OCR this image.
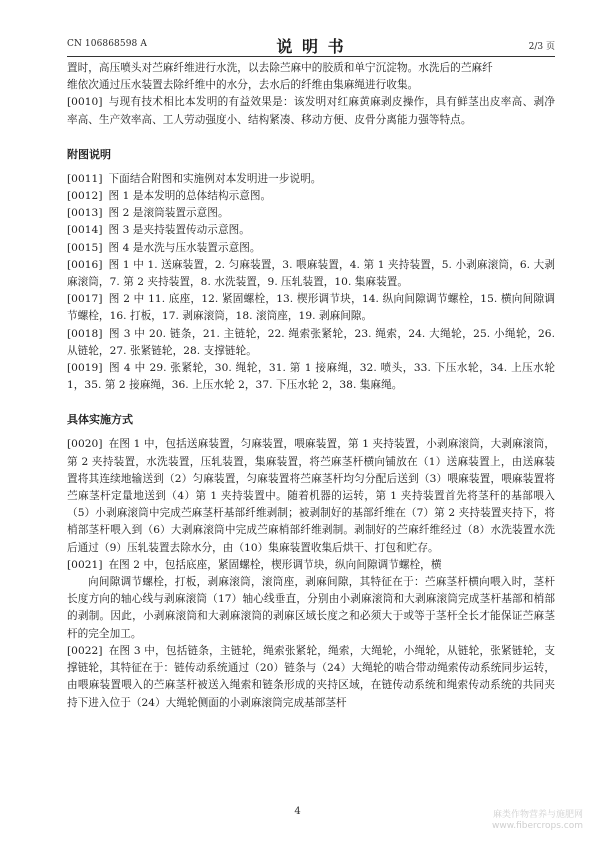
CN 106868598 A	说 明 书	2/3 页

置时，高压喷头对苎麻纤维进行水洗，以去除苎麻中的胶质和单宁沉淀物。水洗后的苎麻纤

维依次通过压水装置去除纤维中的水分，去水后的纤维由集麻绳进行收集。

[0010] 与现有技术相比本发明的有益效果是：该发明对红麻黄麻剥皮操作，具有鲜茎出皮率高、剥净率高、生产效率高、工人劳动强度小、结构紧凑、移动方便、皮骨分离能力强等特点。

附图说明

[0011] 下面结合附图和实施例对本发明进一步说明。

[0012] 图 1 是本发明的总体结构示意图。

[0013] 图 2 是滚筒装置示意图。

[0014] 图 3 是夹持装置传动示意图。

[0015] 图 4 是水洗与压水装置示意图。

[0016] 图 1 中 1. 送麻装置，2. 匀麻装置，3. 喂麻装置，4. 第 1 夹持装置，5. 小剥麻滚筒，6. 大剥麻滚筒，7. 第 2 夹持装置，8. 水洗装置，9. 压轧装置，10. 集麻装置。

[0017] 图 2 中 11. 底座，12. 紧固螺栓，13. 楔形调节块，14. 纵向间隙调节螺栓，15. 横向间隙调节螺栓，16. 打板，17. 剥麻滚筒，18. 滚筒座，19. 剥麻间隙。

[0018] 图 3 中 20. 链条，21. 主链轮，22. 绳索张紧轮，23. 绳索，24. 大绳轮，25. 小绳轮，26. 从链轮，27. 张紧链轮，28. 支撑链轮。

[0019] 图 4 中 29. 张紧轮，30. 绳轮，31. 第 1 接麻绳，32. 喷头，33. 下压水轮，34. 上压水轮 1，35. 第 2 接麻绳，36. 上压水轮 2，37. 下压水轮 2，38. 集麻绳。

具体实施方式

[0020] 在图 1 中，包括送麻装置，匀麻装置，喂麻装置，第 1 夹持装置，小剥麻滚筒，大剥麻滚筒，第 2 夹持装置，水洗装置，压轧装置，集麻装置，将苎麻茎杆横向铺放在（1）送麻装置上，由送麻装置将其连续地输送到（2）匀麻装置，匀麻装置将苎麻茎杆均匀分配后送到（3）喂麻装置，喂麻装置将苎麻茎杆定量地送到（4）第 1 夹持装置中。随着机器的运转，第 1 夹持装置首先将茎秆的基部喂入（5）小剥麻滚筒中完成苎麻茎杆基部纤维剥制；被剥制好的基部纤维在（7）第 2 夹持装置夹持下，将梢部茎杆喂入到（6）大剥麻滚筒中完成苎麻梢部纤维剥制。剥制好的苎麻纤维经过（8）水洗装置水洗后通过（9）压轧装置去除水分，由（10）集麻装置收集后烘干、打包和贮存。

[0021] 在图 2 中，包括底座，紧固螺栓，楔形调节块，纵向间隙调节螺栓，横

向间隙调节螺栓，打板，剥麻滚筒，滚筒座，剥麻间隙，其特征在于：苎麻茎杆横向喂入时，茎杆长度方向的轴心线与剥麻滚筒（17）轴心线垂直，分别由小剥麻滚筒和大剥麻滚筒完成茎杆基部和梢部的剥制。因此，小剥麻滚筒和大剥麻滚筒的剥麻区域长度之和必须大于或等于茎杆全长才能保证苎麻茎杆的完全加工。

[0022] 在图 3 中，包括链条，主链轮，绳索张紧轮，绳索，大绳轮，小绳轮，从链轮，张紧链轮，支撑链轮，其特征在于：链传动系统通过（20）链条与（24）大绳轮的啮合带动绳索传动系统同步运转，由喂麻装置喂入的苎麻茎杆被送入绳索和链条形成的夹持区域，在链传动系统和绳索传动系统的共同夹持下进入位于（24）大绳轮侧面的小剥麻滚筒完成基部茎杆

4	麻类作物营养与施肥网
www.fibercrops.com
